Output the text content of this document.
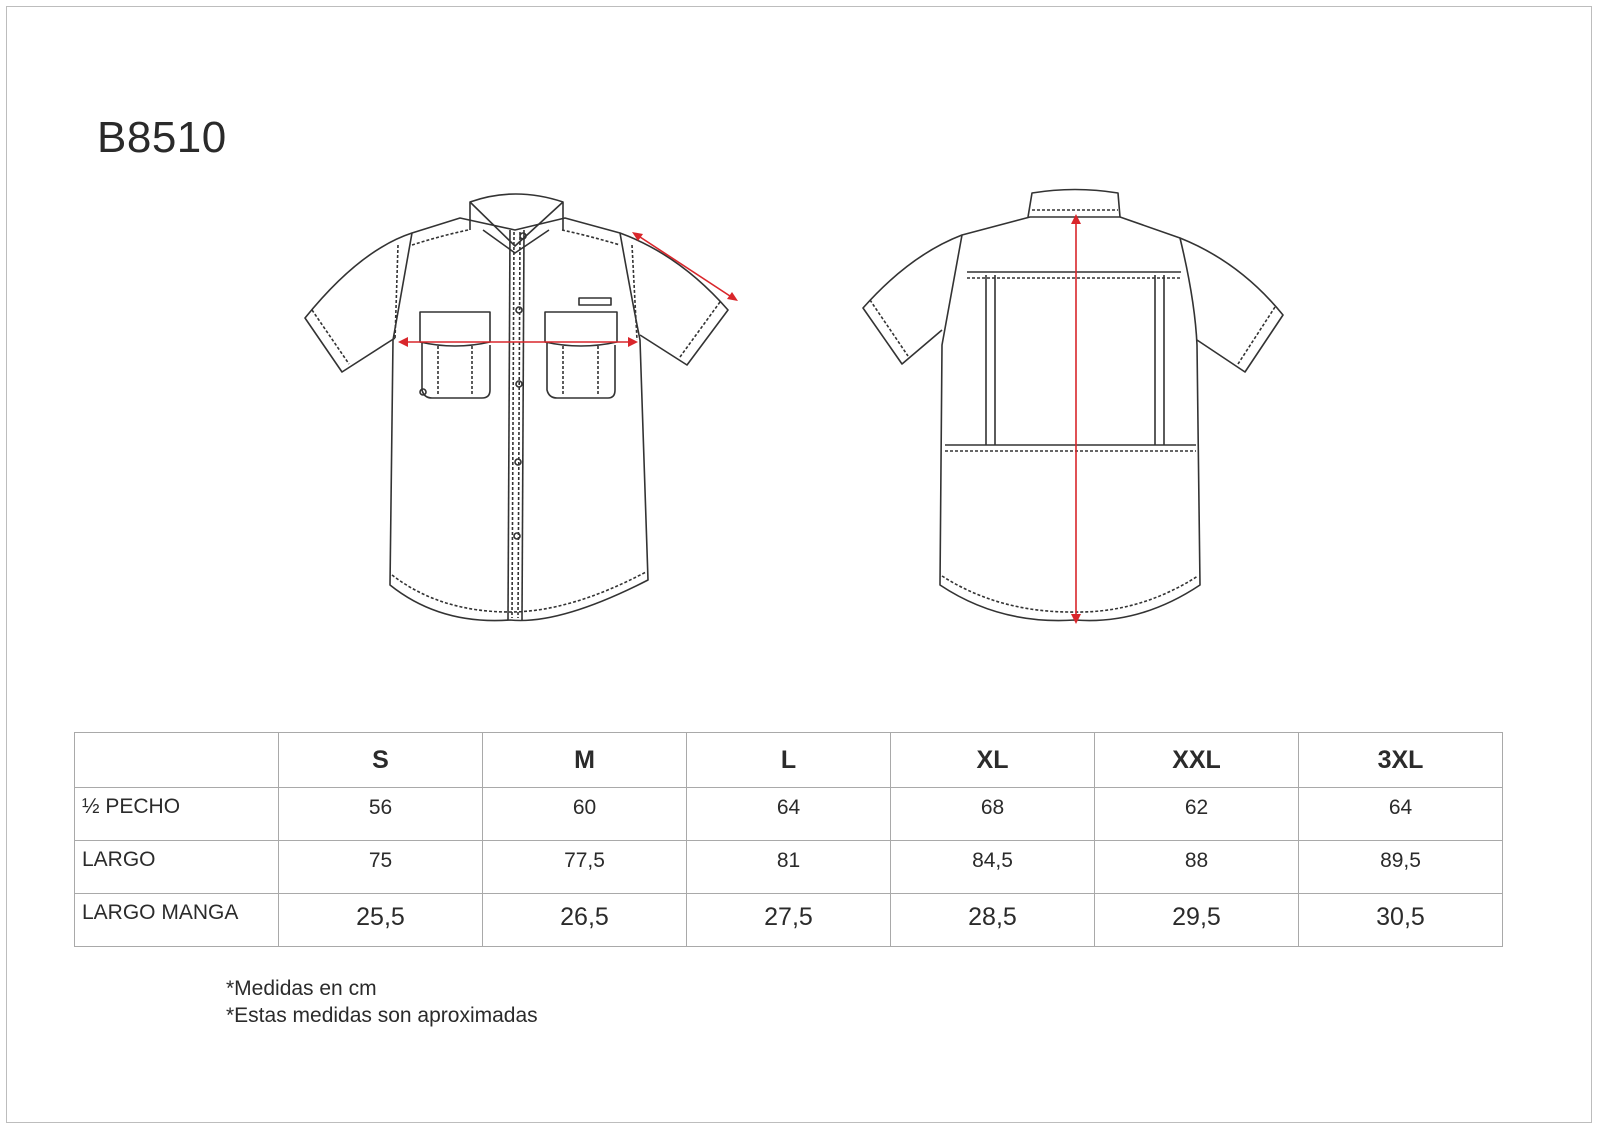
B8510
	S	M	L	XL	XXL	3XL
½ PECHO	56	60	64	68	62	64
LARGO	75	77,5	81	84,5	88	89,5
LARGO MANGA	25,5	26,5	27,5	28,5	29,5	30,5
*Medidas en cm
*Estas medidas son aproximadas
